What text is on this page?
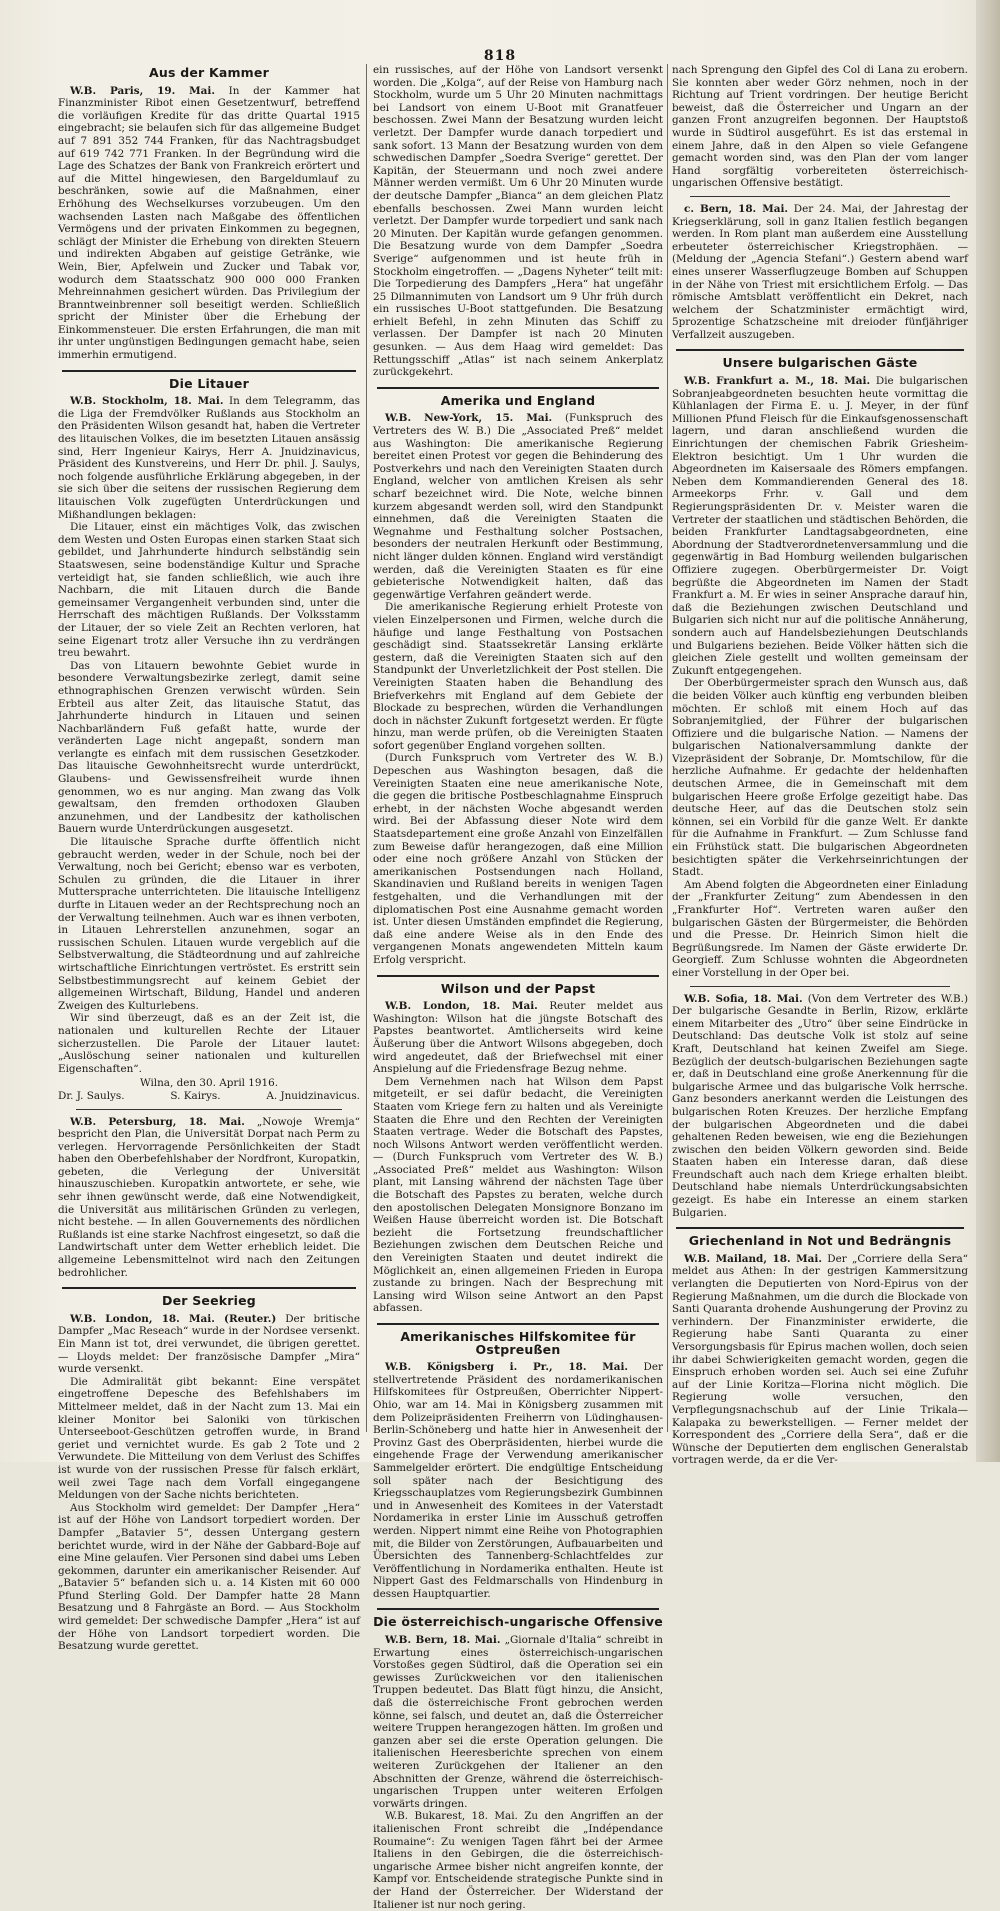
818
Aus der Kammer

W.B. Paris, 19. Mai. In der Kammer hat Finanzminister Ribot einen Gesetzentwurf, betreffend die vorläufigen Kredite für das dritte Quartal 1915 eingebracht; sie belaufen sich für das allgemeine Budget auf 7 891 352 744 Franken, für das Nachtragsbudget auf 619 742 771 Franken. In der Begründung wird die Lage des Schatzes der Bank von Frankreich erörtert und auf die Mittel hingewiesen, den Bargeldumlauf zu beschränken, sowie auf die Maßnahmen, einer Erhöhung des Wechselkurses vorzubeugen. Um den wachsenden Lasten nach Maßgabe des öffentlichen Vermögens und der privaten Einkommen zu begegnen, schlägt der Minister die Erhebung von direkten Steuern und indirekten Abgaben auf geistige Getränke, wie Wein, Bier, Apfelwein und Zucker und Tabak vor, wodurch dem Staatsschatz 900 000 000 Franken Mehreinnahmen gesichert würden. Das Privilegium der Branntweinbrenner soll beseitigt werden. Schließlich spricht der Minister über die Erhebung der Einkommensteuer. Die ersten Erfahrungen, die man mit ihr unter ungünstigen Bedingungen gemacht habe, seien immerhin ermutigend.

Die Litauer

W.B. Stockholm, 18. Mai. In dem Telegramm, das die Liga der Fremdvölker Rußlands aus Stockholm an den Präsidenten Wilson gesandt hat, haben die Vertreter des litauischen Volkes, die im besetzten Litauen ansässig sind, Herr Ingenieur Kairys, Herr A. Jnuidzinavicus, Präsident des Kunstvereins, und Herr Dr. phil. J. Saulys, noch folgende ausführliche Erklärung abgegeben, in der sie sich über die seitens der russischen Regierung dem litauischen Volk zugefügten Unterdrückungen und Mißhandlungen beklagen:

Die Litauer, einst ein mächtiges Volk, das zwischen dem Westen und Osten Europas einen starken Staat sich gebildet, und Jahrhunderte hindurch selbständig sein Staatswesen, seine bodenständige Kultur und Sprache verteidigt hat, sie fanden schließlich, wie auch ihre Nachbarn, die mit Litauen durch die Bande gemeinsamer Vergangenheit verbunden sind, unter die Herrschaft des mächtigen Rußlands. Der Volksstamm der Litauer, der so viele Zeit an Rechten verloren, hat seine Eigenart trotz aller Versuche ihn zu verdrängen treu bewahrt.

Das von Litauern bewohnte Gebiet wurde in besondere Verwaltungsbezirke zerlegt, damit seine ethnographischen Grenzen verwischt würden. Sein Erbteil aus alter Zeit, das litauische Statut, das Jahrhunderte hindurch in Litauen und seinen Nachbarländern Fuß gefaßt hatte, wurde der veränderten Lage nicht angepaßt, sondern man verlangte es einfach mit dem russischen Gesetzkoder. Das litauische Gewohnheitsrecht wurde unterdrückt, Glaubens- und Gewissensfreiheit wurde ihnen genommen, wo es nur anging. Man zwang das Volk gewaltsam, den fremden orthodoxen Glauben anzunehmen, und der Landbesitz der katholischen Bauern wurde Unterdrückungen ausgesetzt.

Die litauische Sprache durfte öffentlich nicht gebraucht werden, weder in der Schule, noch bei der Verwaltung, noch bei Gericht; ebenso war es verboten, Schulen zu gründen, die die Litauer in ihrer Muttersprache unterrichteten. Die litauische Intelligenz durfte in Litauen weder an der Rechtsprechung noch an der Verwaltung teilnehmen. Auch war es ihnen verboten, in Litauen Lehrerstellen anzunehmen, sogar an russischen Schulen. Litauen wurde vergeblich auf die Selbstverwaltung, die Städteordnung und auf zahlreiche wirtschaftliche Einrichtungen vertröstet. Es erstritt sein Selbstbestimmungsrecht auf keinem Gebiet der allgemeinen Wirtschaft, Bildung, Handel und anderen Zweigen des Kulturlebens.

Wir sind überzeugt, daß es an der Zeit ist, die nationalen und kulturellen Rechte der Litauer sicherzustellen. Die Parole der Litauer lautet: „Auslöschung seiner nationalen und kulturellen Eigenschaften“.

Wilna, den 30. April 1916.
Dr. J. Saulys.	S. Kairys.	A. Jnuidzinavicus.

W.B. Petersburg, 18. Mai. „Nowoje Wremja“ bespricht den Plan, die Universität Dorpat nach Perm zu verlegen. Hervorragende Persönlichkeiten der Stadt haben den Oberbefehlshaber der Nordfront, Kuropatkin, gebeten, die Verlegung der Universität hinauszuschieben. Kuropatkin antwortete, er sehe, wie sehr ihnen gewünscht werde, daß eine Notwendigkeit, die Universität aus militärischen Gründen zu verlegen, nicht bestehe. — In allen Gouvernements des nördlichen Rußlands ist eine starke Nachfrost eingesetzt, so daß die Landwirtschaft unter dem Wetter erheblich leidet. Die allgemeine Lebensmittelnot wird nach den Zeitungen bedrohlicher.

Der Seekrieg

W.B. London, 18. Mai. (Reuter.) Der britische Dampfer „Mac Reseach“ wurde in der Nordsee versenkt. Ein Mann ist tot, drei verwundet, die übrigen gerettet. — Lloyds meldet: Der französische Dampfer „Mira“ wurde versenkt.

Die Admiralität gibt bekannt: Eine verspätet eingetroffene Depesche des Befehlshabers im Mittelmeer meldet, daß in der Nacht zum 13. Mai ein kleiner Monitor bei Saloniki von türkischen Unterseeboot-Geschützen getroffen wurde, in Brand geriet und vernichtet wurde. Es gab 2 Tote und 2 Verwundete. Die Mitteilung von dem Verlust des Schiffes ist wurde von der russischen Presse für falsch erklärt, weil zwei Tage nach dem Vorfall eingegangene Meldungen von der Sache nichts berichteten.

Aus Stockholm wird gemeldet: Der Dampfer „Hera“ ist auf der Höhe von Landsort torpediert worden. Der Dampfer „Batavier 5“, dessen Untergang gestern berichtet wurde, wird in der Nähe der Gabbard-Boje auf eine Mine gelaufen. Vier Personen sind dabei ums Leben gekommen, darunter ein amerikanischer Reisender. Auf „Batavier 5“ befanden sich u. a. 14 Kisten mit 60 000 Pfund Sterling Gold. Der Dampfer hatte 28 Mann Besatzung und 8 Fahrgäste an Bord. — Aus Stockholm wird gemeldet: Der schwedische Dampfer „Hera“ ist auf der Höhe von Landsort torpediert worden. Die Besatzung wurde gerettet.

ein russisches, auf der Höhe von Landsort versenkt worden. Die „Kolga“, auf der Reise von Hamburg nach Stockholm, wurde um 5 Uhr 20 Minuten nachmittags bei Landsort von einem U-Boot mit Granatfeuer beschossen. Zwei Mann der Besatzung wurden leicht verletzt. Der Dampfer wurde danach torpediert und sank sofort. 13 Mann der Besatzung wurden von dem schwedischen Dampfer „Soedra Sverige“ gerettet. Der Kapitän, der Steuermann und noch zwei andere Männer werden vermißt. Um 6 Uhr 20 Minuten wurde der deutsche Dampfer „Bianca“ an dem gleichen Platz ebenfalls beschossen. Zwei Mann wurden leicht verletzt. Der Dampfer wurde torpediert und sank nach 20 Minuten. Der Kapitän wurde gefangen genommen. Die Besatzung wurde von dem Dampfer „Soedra Sverige“ aufgenommen und ist heute früh in Stockholm eingetroffen. — „Dagens Nyheter“ teilt mit: Die Torpedierung des Dampfers „Hera“ hat ungefähr 25 Dilmannimuten von Landsort um 9 Uhr früh durch ein russisches U-Boot stattgefunden. Die Besatzung erhielt Befehl, in zehn Minuten das Schiff zu verlassen. Der Dampfer ist nach 20 Minuten gesunken. — Aus dem Haag wird gemeldet: Das Rettungsschiff „Atlas“ ist nach seinem Ankerplatz zurückgekehrt.

Amerika und England

W.B. New-York, 15. Mai. (Funkspruch des Vertreters des W. B.) Die „Associated Preß“ meldet aus Washington: Die amerikanische Regierung bereitet einen Protest vor gegen die Behinderung des Postverkehrs und nach den Vereinigten Staaten durch England, welcher von amtlichen Kreisen als sehr scharf bezeichnet wird. Die Note, welche binnen kurzem abgesandt werden soll, wird den Standpunkt einnehmen, daß die Vereinigten Staaten die Wegnahme und Festhaltung solcher Postsachen, besonders der neutralen Herkunft oder Bestimmung, nicht länger dulden können. England wird verständigt werden, daß die Vereinigten Staaten es für eine gebieterische Notwendigkeit halten, daß das gegenwärtige Verfahren geändert werde.

Die amerikanische Regierung erhielt Proteste von vielen Einzelpersonen und Firmen, welche durch die häufige und lange Festhaltung von Postsachen geschädigt sind. Staatssekretär Lansing erklärte gestern, daß die Vereinigten Staaten sich auf den Standpunkt der Unverletzlichkeit der Post stellen. Die Vereinigten Staaten haben die Behandlung des Briefverkehrs mit England auf dem Gebiete der Blockade zu besprechen, würden die Verhandlungen doch in nächster Zukunft fortgesetzt werden. Er fügte hinzu, man werde prüfen, ob die Vereinigten Staaten sofort gegenüber England vorgehen sollten.

(Durch Funkspruch vom Vertreter des W. B.) Depeschen aus Washington besagen, daß die Vereinigten Staaten eine neue amerikanische Note, die gegen die britische Postbeschlagnahme Einspruch erhebt, in der nächsten Woche abgesandt werden wird. Bei der Abfassung dieser Note wird dem Staatsdepartement eine große Anzahl von Einzelfällen zum Beweise dafür herangezogen, daß eine Million oder eine noch größere Anzahl von Stücken der amerikanischen Postsendungen nach Holland, Skandinavien und Rußland bereits in wenigen Tagen festgehalten, und die Verhandlungen mit der diplomatischen Post eine Ausnahme gemacht worden ist. Unter diesen Umständen empfindet die Regierung, daß eine andere Weise als in den Ende des vergangenen Monats angewendeten Mitteln kaum Erfolg verspricht.

Wilson und der Papst

W.B. London, 18. Mai. Reuter meldet aus Washington: Wilson hat die jüngste Botschaft des Papstes beantwortet. Amtlicherseits wird keine Äußerung über die Antwort Wilsons abgegeben, doch wird angedeutet, daß der Briefwechsel mit einer Anspielung auf die Friedensfrage Bezug nehme.

Dem Vernehmen nach hat Wilson dem Papst mitgeteilt, er sei dafür bedacht, die Vereinigten Staaten vom Kriege fern zu halten und als Vereinigte Staaten die Ehre und den Rechten der Vereinigten Staaten vertrage. Weder die Botschaft des Papstes, noch Wilsons Antwort werden veröffentlicht werden. — (Durch Funkspruch vom Vertreter des W. B.) „Associated Preß“ meldet aus Washington: Wilson plant, mit Lansing während der nächsten Tage über die Botschaft des Papstes zu beraten, welche durch den apostolischen Delegaten Monsignore Bonzano im Weißen Hause überreicht worden ist. Die Botschaft bezieht die Fortsetzung freundschaftlicher Beziehungen zwischen dem Deutschen Reiche und den Vereinigten Staaten und deutet indirekt die Möglichkeit an, einen allgemeinen Frieden in Europa zustande zu bringen. Nach der Besprechung mit Lansing wird Wilson seine Antwort an den Papst abfassen.

Amerikanisches Hilfskomitee für Ostpreußen

W.B. Königsberg i. Pr., 18. Mai. Der stellvertretende Präsident des nordamerikanischen Hilfskomitees für Ostpreußen, Oberrichter Nippert-Ohio, war am 14. Mai in Königsberg zusammen mit dem Polizeipräsidenten Freiherrn von Lüdinghausen-Berlin-Schöneberg und hatte hier in Anwesenheit der Provinz Gast des Oberpräsidenten, hierbei wurde die eingehende Frage der Verwendung amerikanischer Sammelgelder erörtert. Die endgültige Entscheidung soll später nach der Besichtigung des Kriegsschauplatzes vom Regierungsbezirk Gumbinnen und in Anwesenheit des Komitees in der Vaterstadt Nordamerika in erster Linie im Ausschuß getroffen werden. Nippert nimmt eine Reihe von Photographien mit, die Bilder von Zerstörungen, Aufbauarbeiten und Übersichten des Tannenberg-Schlachtfeldes zur Veröffentlichung in Nordamerika enthalten. Heute ist Nippert Gast des Feldmarschalls von Hindenburg in dessen Hauptquartier.

Die österreichisch-ungarische Offensive

W.B. Bern, 18. Mai. „Giornale d'Italia“ schreibt in Erwartung eines österreichisch-ungarischen Vorstoßes gegen Südtirol, daß die Operation sei ein gewisses Zurückweichen vor den italienischen Truppen bedeutet. Das Blatt fügt hinzu, die Ansicht, daß die österreichische Front gebrochen werden könne, sei falsch, und deutet an, daß die Österreicher weitere Truppen herangezogen hätten. Im großen und ganzen aber sei die erste Operation gelungen. Die italienischen Heeresberichte sprechen von einem weiteren Zurückgehen der Italiener an den Abschnitten der Grenze, während die österreichisch-ungarischen Truppen unter weiteren Erfolgen vorwärts dringen.

W.B. Bukarest, 18. Mai. Zu den Angriffen an der italienischen Front schreibt die „Indépendance Roumaine“: Zu wenigen Tagen fährt bei der Armee Italiens in den Gebirgen, die die österreichisch-ungarische Armee bisher nicht angreifen konnte, der Kampf vor. Entscheidende strategische Punkte sind in der Hand der Österreicher. Der Widerstand der Italiener ist nur noch gering.

nach Sprengung den Gipfel des Col di Lana zu erobern. Sie konnten aber weder Görz nehmen, noch in der Richtung auf Trient vordringen. Der heutige Bericht beweist, daß die Österreicher und Ungarn an der ganzen Front anzugreifen begonnen. Der Hauptstoß wurde in Südtirol ausgeführt. Es ist das erstemal in einem Jahre, daß in den Alpen so viele Gefangene gemacht worden sind, was den Plan der vom langer Hand sorgfältig vorbereiteten österreichisch-ungarischen Offensive bestätigt.

c. Bern, 18. Mai. Der 24. Mai, der Jahrestag der Kriegserklärung, soll in ganz Italien festlich begangen werden. In Rom plant man außerdem eine Ausstellung erbeuteter österreichischer Kriegstrophäen. — (Meldung der „Agencia Stefani“.) Gestern abend warf eines unserer Wasserflugzeuge Bomben auf Schuppen in der Nähe von Triest mit ersichtlichem Erfolg. — Das römische Amtsblatt veröffentlicht ein Dekret, nach welchem der Schatzminister ermächtigt wird, 5prozentige Schatzscheine mit dreioder fünfjähriger Verfallzeit auszugeben.

Unsere bulgarischen Gäste

W.B. Frankfurt a. M., 18. Mai. Die bulgarischen Sobranjeabgeordneten besuchten heute vormittag die Kühlanlagen der Firma E. u. J. Meyer, in der fünf Millionen Pfund Fleisch für die Einkaufsgenossenschaft lagern, und daran anschließend wurden die Einrichtungen der chemischen Fabrik Griesheim-Elektron besichtigt. Um 1 Uhr wurden die Abgeordneten im Kaisersaale des Römers empfangen. Neben dem Kommandierenden General des 18. Armeekorps Frhr. v. Gall und dem Regierungspräsidenten Dr. v. Meister waren die Vertreter der staatlichen und städtischen Behörden, die beiden Frankfurter Landtagsabgeordneten, eine Abordnung der Stadtverordnetenversammlung und die gegenwärtig in Bad Homburg weilenden bulgarischen Offiziere zugegen. Oberbürgermeister Dr. Voigt begrüßte die Abgeordneten im Namen der Stadt Frankfurt a. M. Er wies in seiner Ansprache darauf hin, daß die Beziehungen zwischen Deutschland und Bulgarien sich nicht nur auf die politische Annäherung, sondern auch auf Handelsbeziehungen Deutschlands und Bulgariens beziehen. Beide Völker hätten sich die gleichen Ziele gestellt und wollten gemeinsam der Zukunft entgegengehen.

Der Oberbürgermeister sprach den Wunsch aus, daß die beiden Völker auch künftig eng verbunden bleiben möchten. Er schloß mit einem Hoch auf das Sobranjemitglied, der Führer der bulgarischen Offiziere und die bulgarische Nation. — Namens der bulgarischen Nationalversammlung dankte der Vizepräsident der Sobranje, Dr. Momtschilow, für die herzliche Aufnahme. Er gedachte der heldenhaften deutschen Armee, die in Gemeinschaft mit dem bulgarischen Heere große Erfolge gezeitigt habe. Das deutsche Heer, auf das die Deutschen stolz sein können, sei ein Vorbild für die ganze Welt. Er dankte für die Aufnahme in Frankfurt. — Zum Schlusse fand ein Frühstück statt. Die bulgarischen Abgeordneten besichtigten später die Verkehrseinrichtungen der Stadt.

Am Abend folgten die Abgeordneten einer Einladung der „Frankfurter Zeitung“ zum Abendessen in den „Frankfurter Hof“. Vertreten waren außer den bulgarischen Gästen der Bürgermeister, die Behörden und die Presse. Dr. Heinrich Simon hielt die Begrüßungsrede. Im Namen der Gäste erwiderte Dr. Georgieff. Zum Schlusse wohnten die Abgeordneten einer Vorstellung in der Oper bei.

W.B. Sofia, 18. Mai. (Von dem Vertreter des W.B.) Der bulgarische Gesandte in Berlin, Rizow, erklärte einem Mitarbeiter des „Utro“ über seine Eindrücke in Deutschland: Das deutsche Volk ist stolz auf seine Kraft, Deutschland hat keinen Zweifel am Siege. Bezüglich der deutsch-bulgarischen Beziehungen sagte er, daß in Deutschland eine große Anerkennung für die bulgarische Armee und das bulgarische Volk herrsche. Ganz besonders anerkannt werden die Leistungen des bulgarischen Roten Kreuzes. Der herzliche Empfang der bulgarischen Abgeordneten und die dabei gehaltenen Reden beweisen, wie eng die Beziehungen zwischen den beiden Völkern geworden sind. Beide Staaten haben ein Interesse daran, daß diese Freundschaft auch nach dem Kriege erhalten bleibt. Deutschland habe niemals Unterdrückungsabsichten gezeigt. Es habe ein Interesse an einem starken Bulgarien.

Griechenland in Not und Bedrängnis

W.B. Mailand, 18. Mai. Der „Corriere della Sera“ meldet aus Athen: In der gestrigen Kammersitzung verlangten die Deputierten von Nord-Epirus von der Regierung Maßnahmen, um die durch die Blockade von Santi Quaranta drohende Aushungerung der Provinz zu verhindern. Der Finanzminister erwiderte, die Regierung habe Santi Quaranta zu einer Versorgungsbasis für Epirus machen wollen, doch seien ihr dabei Schwierigkeiten gemacht worden, gegen die Einspruch erhoben worden sei. Auch sei eine Zufuhr auf der Linie Koritza—Florina nicht möglich. Die Regierung wolle versuchen, den Verpflegungsnachschub auf der Linie Trikala—Kalapaka zu bewerkstelligen. — Ferner meldet der Korrespondent des „Corriere della Sera“, daß er die Wünsche der Deputierten dem englischen Generalstab vortragen werde, da er die Ver-
